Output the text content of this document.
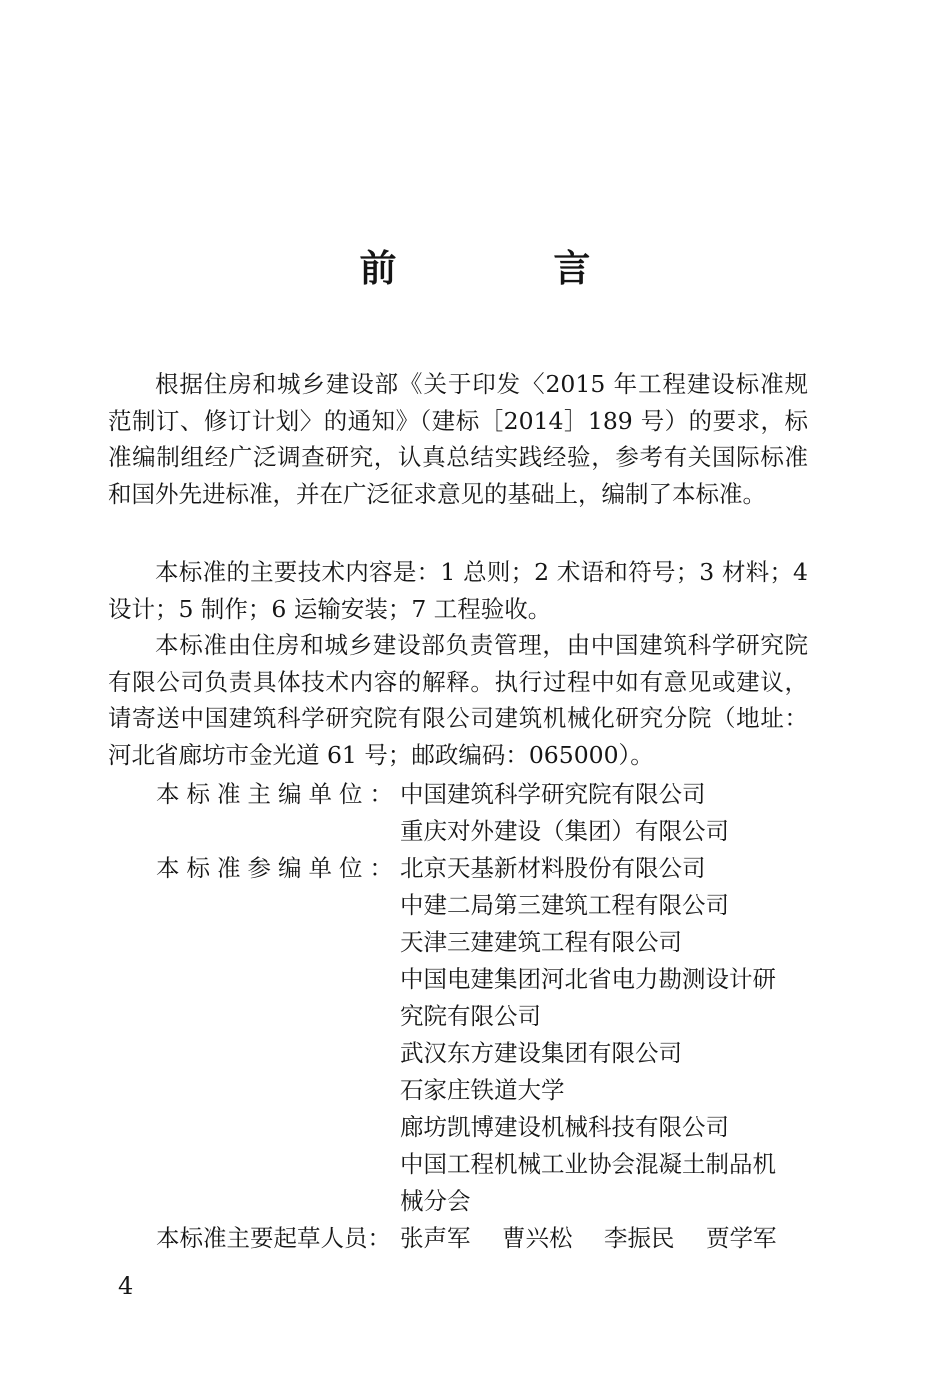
前 言

根据住房和城乡建设部《关于印发〈2015 年工程建设标准规范制订、修订计划〉的通知》（建标［2014］189 号）的要求，标准编制组经广泛调查研究，认真总结实践经验，参考有关国际标准和国外先进标准，并在广泛征求意见的基础上，编制了本标准。

本标准的主要技术内容是：1 总则；2 术语和符号；3 材料；4 设计；5 制作；6 运输安装；7 工程验收。

本标准由住房和城乡建设部负责管理，由中国建筑科学研究院有限公司负责具体技术内容的解释。执行过程中如有意见或建议，请寄送中国建筑科学研究院有限公司建筑机械化研究分院（地址：河北省廊坊市金光道 61 号；邮政编码：065000）。

本标准主编单位： 中国建筑科学研究院有限公司
重庆对外建设（集团）有限公司
本标准参编单位： 北京天基新材料股份有限公司
中建二局第三建筑工程有限公司
天津三建建筑工程有限公司
中国电建集团河北省电力勘测设计研
究院有限公司
武汉东方建设集团有限公司
石家庄铁道大学
廊坊凯博建设机械科技有限公司
中国工程机械工业协会混凝土制品机
械分会
本标准主要起草人员： 张声军 曹兴松 李振民 贾学军
4
